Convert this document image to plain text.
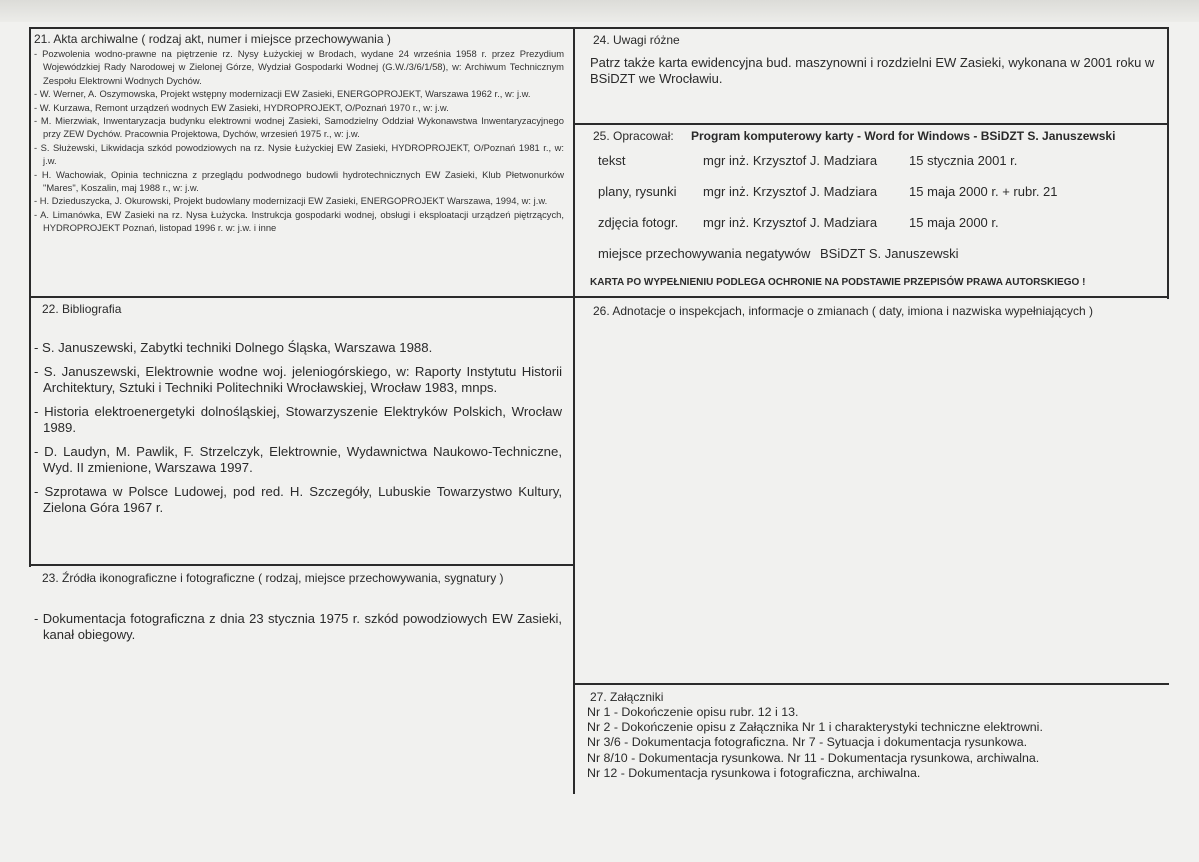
21. Akta archiwalne ( rodzaj akt, numer i miejsce przechowywania )
- Pozwolenia wodno-prawne na piętrzenie rz. Nysy Łużyckiej w Brodach, wydane 24 września 1958 r. przez Prezydium Wojewódzkiej Rady Narodowej w Zielonej Górze, Wydział Gospodarki Wodnej (G.W./3/6/1/58), w: Archiwum Technicznym Zespołu Elektrowni Wodnych Dychów.
- W. Werner, A. Oszymowska, Projekt wstępny modernizacji EW Zasieki, ENERGOPROJEKT, Warszawa 1962 r., w: j.w.
- W. Kurzawa, Remont urządzeń wodnych EW Zasieki, HYDROPROJEKT, O/Poznań 1970 r., w: j.w.
- M. Mierzwiak, Inwentaryzacja budynku elektrowni wodnej Zasieki, Samodzielny Oddział Wykonawstwa Inwentaryzacyjnego przy ZEW Dychów. Pracownia Projektowa, Dychów, wrzesień 1975 r., w: j.w.
- S. Służewski, Likwidacja szkód powodziowych na rz. Nysie Łużyckiej EW Zasieki, HYDROPROJEKT, O/Poznań 1981 r., w: j.w.
- H. Wachowiak, Opinia techniczna z przeglądu podwodnego budowli hydrotechnicznych EW Zasieki, Klub Płetwonurków "Mares", Koszalin, maj 1988 r., w: j.w.
- H. Dzieduszycka, J. Okurowski, Projekt budowlany modernizacji EW Zasieki, ENERGOPROJEKT Warszawa, 1994, w: j.w.
- A. Limanówka, EW Zasieki na rz. Nysa Łużycka. Instrukcja gospodarki wodnej, obsługi i eksploatacji urządzeń piętrzących, HYDROPROJEKT Poznań, listopad 1996 r. w: j.w. i inne
22. Bibliografia
- S. Januszewski, Zabytki techniki Dolnego Śląska, Warszawa 1988.
- S. Januszewski, Elektrownie wodne woj. jeleniogórskiego, w: Raporty Instytutu Historii Architektury, Sztuki i Techniki Politechniki Wrocławskiej, Wrocław 1983, mnps.
- Historia elektroenergetyki dolnośląskiej, Stowarzyszenie Elektryków Polskich, Wrocław 1989.
- D. Laudyn, M. Pawlik, F. Strzelczyk, Elektrownie, Wydawnictwa Naukowo-Techniczne, Wyd. II zmienione, Warszawa 1997.
- Szprotawa w Polsce Ludowej, pod red. H. Szczegóły, Lubuskie Towarzystwo Kultury, Zielona Góra 1967 r.
23. Źródła ikonograficzne i fotograficzne ( rodzaj, miejsce przechowywania, sygnatury )
- Dokumentacja fotograficzna z dnia 23 stycznia 1975 r. szkód powodziowych EW Zasieki, kanał obiegowy.
24. Uwagi różne
Patrz także karta ewidencyjna bud. maszynowni i rozdzielni EW Zasieki, wykonana w 2001 roku w BSiDZT we Wrocławiu.
25. Opracował: Program komputerowy karty - Word for Windows - BSiDZT S. Januszewski
tekst	mgr inż. Krzysztof J. Madziara 15 stycznia 2001 r.
plany, rysunki mgr inż. Krzysztof J. Madziara 15 maja 2000 r. + rubr. 21
zdjęcia fotogr. mgr inż. Krzysztof J. Madziara 15 maja 2000 r.
miejsce przechowywania negatywów BSiDZT S. Januszewski
KARTA PO WYPEŁNIENIU PODLEGA OCHRONIE NA PODSTAWIE PRZEPISÓW PRAWA AUTORSKIEGO !
26. Adnotacje o inspekcjach, informacje o zmianach ( daty, imiona i nazwiska wypełniających )
27. Załączniki
Nr 1 - Dokończenie opisu rubr. 12 i 13.
Nr 2 - Dokończenie opisu z Załącznika Nr 1 i charakterystyki techniczne elektrowni.
Nr 3/6 - Dokumentacja fotograficzna. Nr 7 - Sytuacja i dokumentacja rysunkowa.
Nr 8/10 - Dokumentacja rysunkowa. Nr 11 - Dokumentacja rysunkowa, archiwalna.
Nr 12 - Dokumentacja rysunkowa i fotograficzna, archiwalna.
